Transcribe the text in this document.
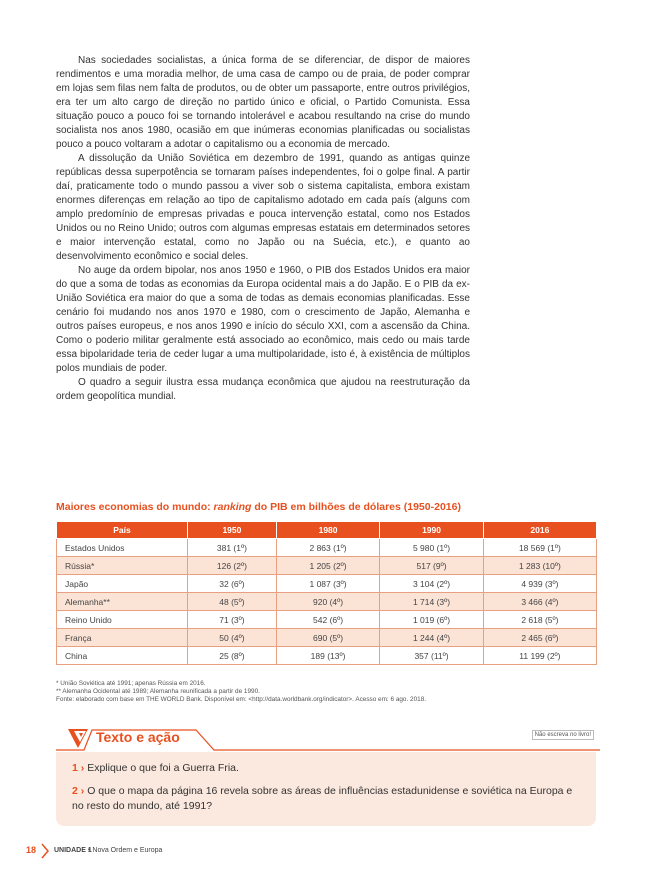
Nas sociedades socialistas, a única forma de se diferenciar, de dispor de maiores rendimentos e uma moradia melhor, de uma casa de campo ou de praia, de poder comprar em lojas sem filas nem falta de produtos, ou de obter um passaporte, entre outros privilégios, era ter um alto cargo de direção no partido único e oficial, o Partido Comunista. Essa situação pouco a pouco foi se tornando intolerável e acabou resultando na crise do mundo socialista nos anos 1980, ocasião em que inúmeras economias planificadas ou socialistas pouco a pouco voltaram a adotar o capitalismo ou a economia de mercado.

A dissolução da União Soviética em dezembro de 1991, quando as antigas quinze repúblicas dessa superpotência se tornaram países independentes, foi o golpe final. A partir daí, praticamente todo o mundo passou a viver sob o sistema capitalista, embora existam enormes diferenças em relação ao tipo de capitalismo adotado em cada país (alguns com amplo predomínio de empresas privadas e pouca intervenção estatal, como nos Estados Unidos ou no Reino Unido; outros com algumas empresas estatais em determinados setores e maior intervenção estatal, como no Japão ou na Suécia, etc.), e quanto ao desenvolvimento econômico e social deles.

No auge da ordem bipolar, nos anos 1950 e 1960, o PIB dos Estados Unidos era maior do que a soma de todas as economias da Europa ocidental mais a do Japão. E o PIB da ex-União Soviética era maior do que a soma de todas as demais economias planificadas. Esse cenário foi mudando nos anos 1970 e 1980, com o crescimento de Japão, Alemanha e outros países europeus, e nos anos 1990 e início do século XXI, com a ascensão da China. Como o poderio militar geralmente está associado ao econômico, mais cedo ou mais tarde essa bipolaridade teria de ceder lugar a uma multipolaridade, isto é, à existência de múltiplos polos mundiais de poder.

O quadro a seguir ilustra essa mudança econômica que ajudou na reestruturação da ordem geopolítica mundial.

Maiores economias do mundo: ranking do PIB em bilhões de dólares (1950-2016)
País	1950	1980	1990	2016
Estados Unidos	381 (1º)	2 863 (1º)	5 980 (1º)	18 569 (1º)
Rússia*	126 (2º)	1 205 (2º)	517 (9º)	1 283 (10º)
Japão	32 (6º)	1 087 (3º)	3 104 (2º)	4 939 (3º)
Alemanha**	48 (5º)	920 (4º)	1 714 (3º)	3 466 (4º)
Reino Unido	71 (3º)	542 (6º)	1 019 (6º)	2 618 (5º)
França	50 (4º)	690 (5º)	1 244 (4º)	2 465 (6º)
China	25 (8º)	189 (13º)	357 (11º)	11 199 (2º)
* União Soviética até 1991; apenas Rússia em 2016.
** Alemanha Ocidental até 1989; Alemanha reunificada a partir de 1990.
Fonte: elaborado com base em THE WORLD Bank. Disponível em: <http://data.worldbank.org/indicator>. Acesso em: 6 ago. 2018.
Texto e ação	Não escreva no livro!
1 › Explique o que foi a Guerra Fria.
2 › O que o mapa da página 16 revela sobre as áreas de influências estadunidense e soviética na Europa e no resto do mundo, até 1991?
18	UNIDADE 1
• Nova Ordem e Europa
